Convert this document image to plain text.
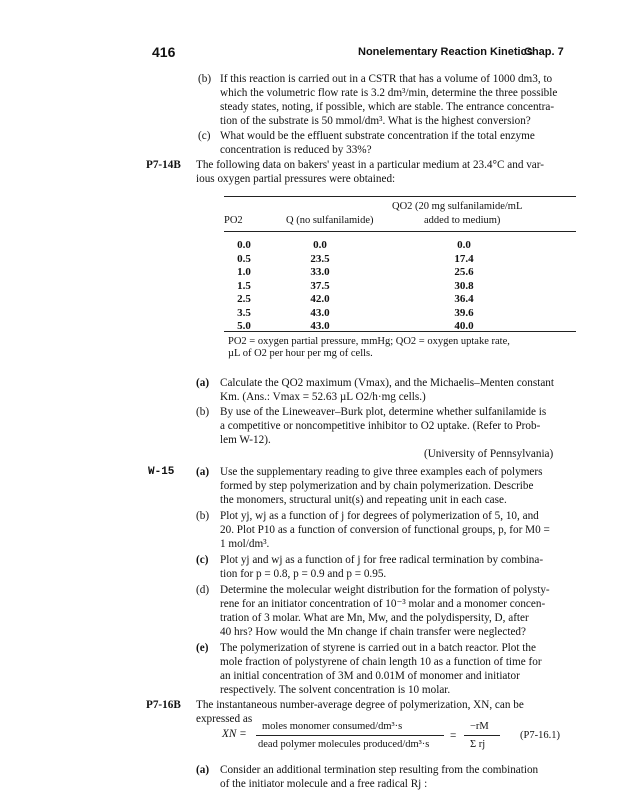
416	Nonelementary Reaction Kinetics
Chap. 7
(b) If this reaction is carried out in a CSTR that has a volume of 1000 dm3, to
which the volumetric flow rate is 3.2 dm³/min, determine the three possible
steady states, noting, if possible, which are stable. The entrance concentra-
tion of the substrate is 50 mmol/dm³. What is the highest conversion?
(c) What would be the effluent substrate concentration if the total enzyme
concentration is reduced by 33%?
P7-14B The following data on bakers' yeast in a particular medium at 23.4°C and var-
ious oxygen partial pressures were obtained:
PO2	Q (no sulfanilamide)
QO2 (20 mg sulfanilamide/mL
added to medium)
0.0	0.0	0.0
0.5	23.5	17.4
1.0	33.0	25.6
1.5	37.5	30.8
2.5	42.0	36.4
3.5	43.0	39.6
5.0	43.0	40.0
PO2 = oxygen partial pressure, mmHg; QO2 = oxygen uptake rate,
µL of O2 per hour per mg of cells.
(a) Calculate the QO2 maximum (Vmax), and the Michaelis–Menten constant
Km. (Ans.: Vmax = 52.63 µL O2/h·mg cells.)
(b) By use of the Lineweaver–Burk plot, determine whether sulfanilamide is
a competitive or noncompetitive inhibitor to O2 uptake. (Refer to Prob-
lem W-12).
(University of Pennsylvania)
W-15 (a) Use the supplementary reading to give three examples each of polymers
formed by step polymerization and by chain polymerization. Describe
the monomers, structural unit(s) and repeating unit in each case.
(b) Plot yj, wj as a function of j for degrees of polymerization of 5, 10, and
20. Plot P10 as a function of conversion of functional groups, p, for M0 =
1 mol/dm³.
(c) Plot yj and wj as a function of j for free radical termination by combina-
tion for p = 0.8, p = 0.9 and p = 0.95.
(d) Determine the molecular weight distribution for the formation of polysty-
rene for an initiator concentration of 10⁻³ molar and a monomer concen-
tration of 3 molar. What are Mn, Mw, and the polydispersity, D, after
40 hrs? How would the Mn change if chain transfer were neglected?
(e) The polymerization of styrene is carried out in a batch reactor. Plot the
mole fraction of polystyrene of chain length 10 as a function of time for
an initial concentration of 3M and 0.01M of monomer and initiator
respectively. The solvent concentration is 10 molar.
P7-16B The instantaneous number-average degree of polymerization, XN, can be
expressed as
XN =
moles monomer consumed/dm³·s
dead polymer molecules produced/dm³·s
=
−rM
Σ rj
(P7-16.1)
(a) Consider an additional termination step resulting from the combination
of the initiator molecule and a free radical Rj :
